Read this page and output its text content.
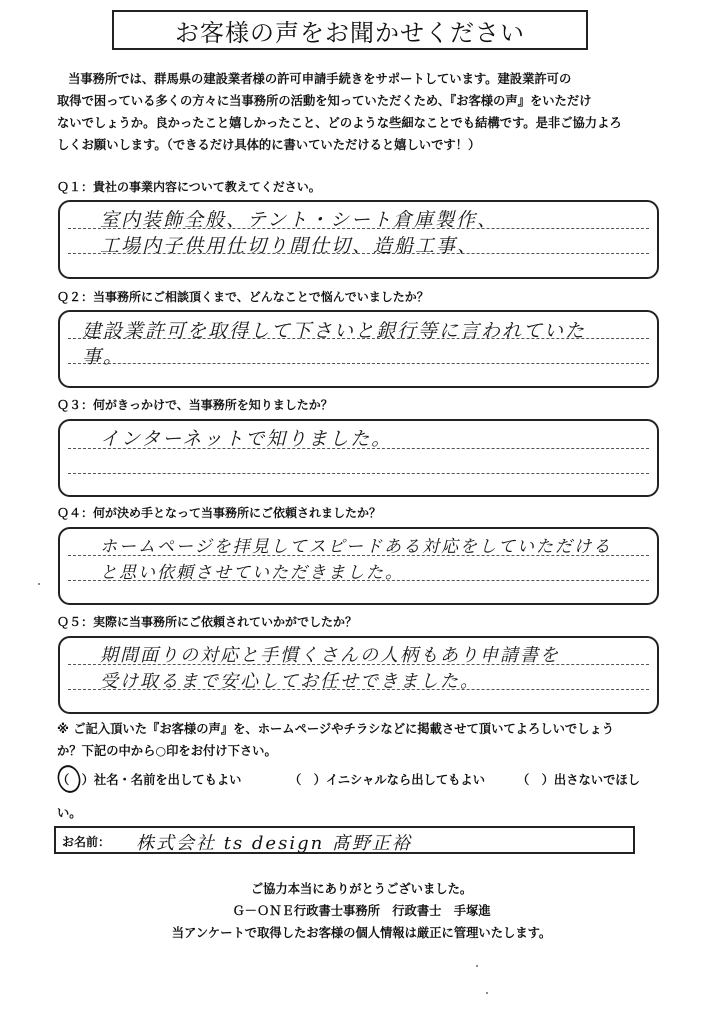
お客様の声をお聞かせください

当事務所では、群馬県の建設業者様の許可申請手続きをサポートしています。建設業許可の

取得で困っている多くの方々に当事務所の活動を知っていただくため、『お客様の声』をいただけ

ないでしょうか。良かったこと嬉しかったこと、どのような些細なことでも結構です。是非ご協力よろ

しくお願いします。（できるだけ具体的に書いていただけると嬉しいです！）

Ｑ１：貴社の事業内容について教えてください。
室内装飾全般、テント・シート倉庫製作、
工場内子供用仕切り間仕切、造船工事、
Ｑ２：当事務所にご相談頂くまで、どんなことで悩んでいましたか？
建設業許可を取得して下さいと銀行等に言われていた
事。
Ｑ３：何がきっかけで、当事務所を知りましたか？
インターネットで知りました。
Ｑ４：何が決め手となって当事務所にご依頼されましたか？
ホームページを拝見してスピードある対応をしていただける
と思い依頼させていただきました。
Ｑ５：実際に当事務所にご依頼されていかがでしたか？
期間面りの対応と手慣くさんの人柄もあり申請書を
受け取るまで安心してお任せできました。

※ ご記入頂いた『お客様の声』を、ホームページやチラシなどに掲載させて頂いてよろしいでしょう

か？下記の中から○印をお付け下さい。

（　）社名・名前を出してもよい	（　）イニシャルなら出してもよい	（　）出さないでほし
い。
お名前： 株式会社 ts design 髙野正裕

ご協力本当にありがとうございました。

Ｇ－ＯＮＥ行政書士事務所　行政書士　手塚進

当アンケートで取得したお客様の個人情報は厳正に管理いたします。
